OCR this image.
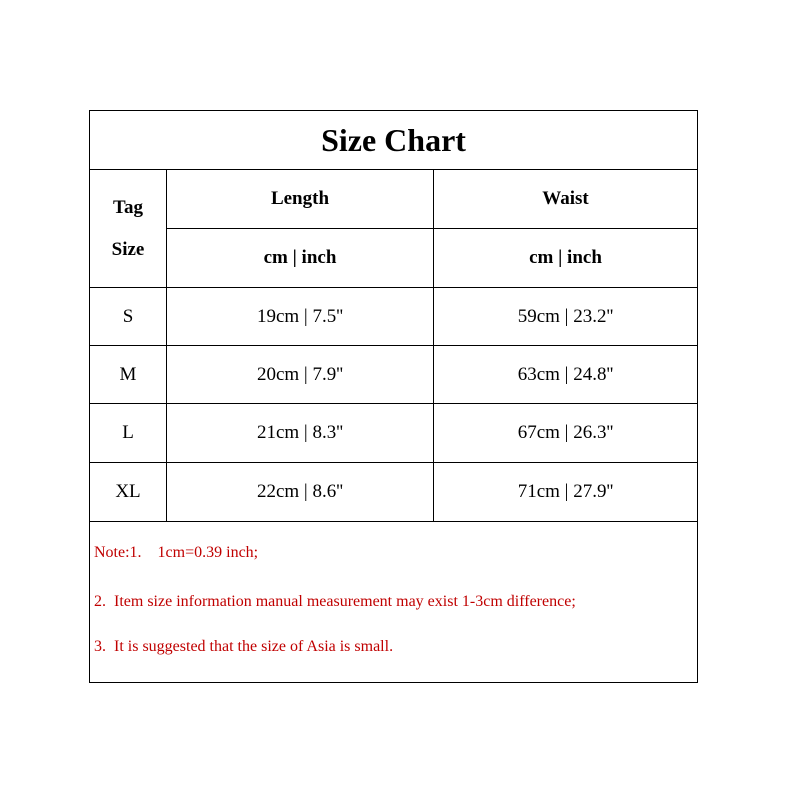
Size Chart
Tag
Size
Length	Waist
cm | inch	cm | inch
S	19cm | 7.5''	59cm | 23.2''
M	20cm | 7.9''	63cm | 24.8''
L	21cm | 8.3''	67cm | 26.3''
XL	22cm | 8.6''	71cm | 27.9''
Note:1.    1cm=0.39 inch;
2.  Item size information manual measurement may exist 1-3cm difference;
3.  It is suggested that the size of Asia is small.
